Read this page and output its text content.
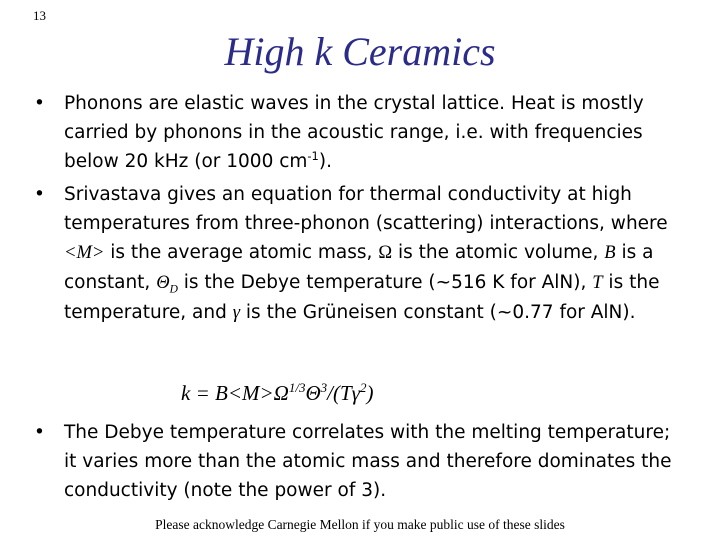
13
High k Ceramics
• Phonons are elastic waves in the crystal lattice. Heat is mostly carried by phonons in the acoustic range, i.e. with frequencies below 20 kHz (or 1000 $cm^{-1}$).
• Srivastava gives an equation for thermal conductivity at high temperatures from three-phonon (scattering) interactions, where <M> is the average atomic mass, Ω is the atomic volume, B is a constant, $\Theta_D$ is the Debye temperature (~516 K for AlN), T is the temperature, and γ is the Grüneisen constant (~0.77 for AlN).
$k = B<M>\Omega^{1/3}\Theta^3/(T\gamma^2)$
• The Debye temperature correlates with the melting temperature; it varies more than the atomic mass and therefore dominates the conductivity (note the power of 3).
Please acknowledge Carnegie Mellon if you make public use of these slides
